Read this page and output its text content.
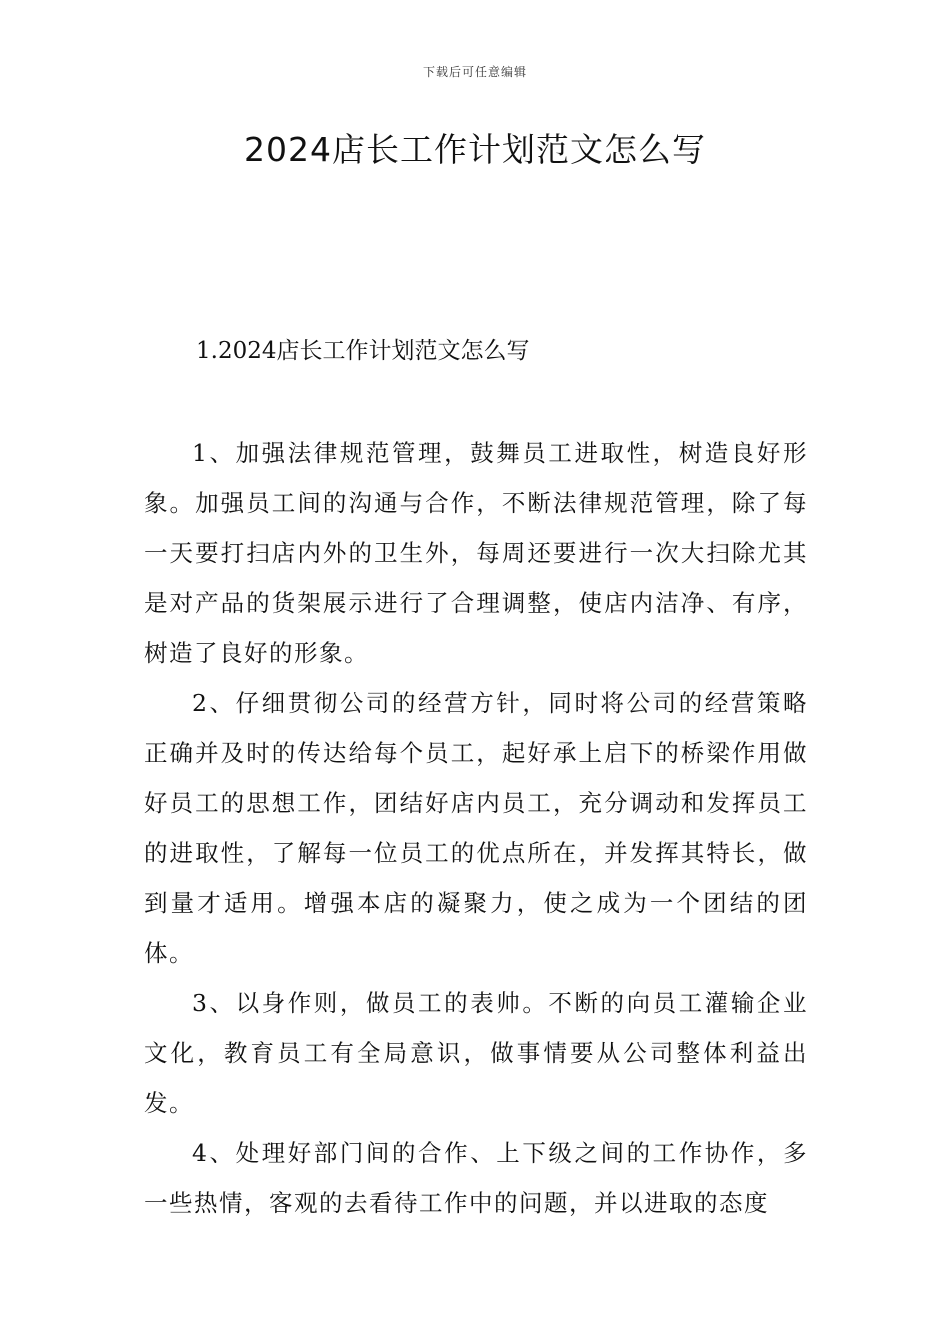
下载后可任意编辑
2024店长工作计划范文怎么写
1.2024店长工作计划范文怎么写

1、加强法律规范管理，鼓舞员工进取性，树造良好形象。加强员工间的沟通与合作，不断法律规范管理，除了每一天要打扫店内外的卫生外，每周还要进行一次大扫除尤其是对产品的货架展示进行了合理调整，使店内洁净、有序，树造了良好的形象。

2、仔细贯彻公司的经营方针，同时将公司的经营策略正确并及时的传达给每个员工，起好承上启下的桥梁作用做好员工的思想工作，团结好店内员工，充分调动和发挥员工的进取性，了解每一位员工的优点所在，并发挥其特长，做到量才适用。增强本店的凝聚力，使之成为一个团结的团体。

3、以身作则，做员工的表帅。不断的向员工灌输企业文化，教育员工有全局意识，做事情要从公司整体利益出发。

4、处理好部门间的合作、上下级之间的工作协作，多一些热情，客观的去看待工作中的问题，并以进取的态度
